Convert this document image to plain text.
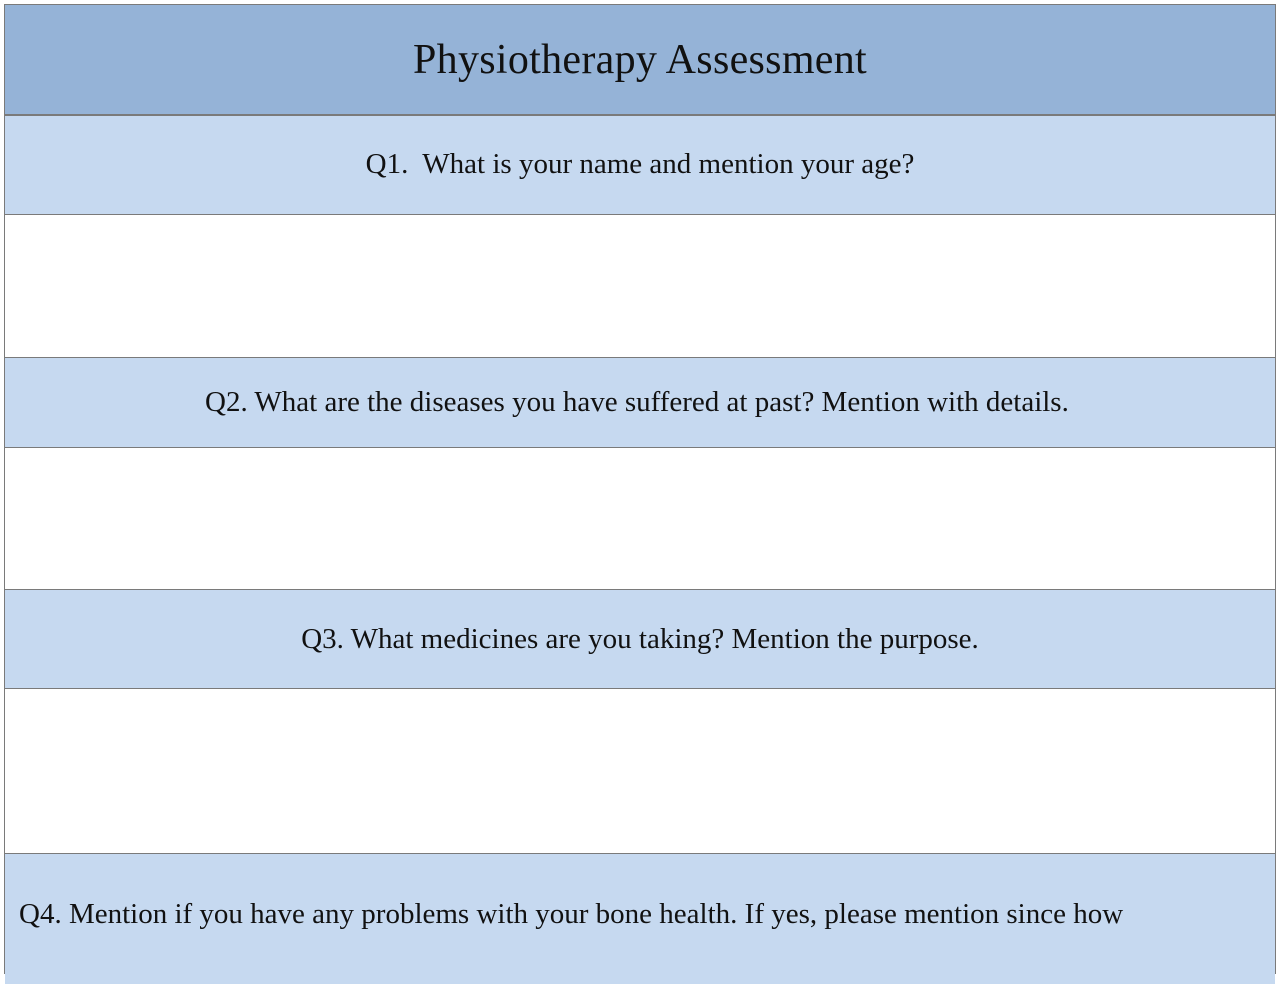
Physiotherapy Assessment
Q1.  What is your name and mention your age?
Q2. What are the diseases you have suffered at past? Mention with details.
Q3. What medicines are you taking? Mention the purpose.
Q4. Mention if you have any problems with your bone health. If yes, please mention since how
